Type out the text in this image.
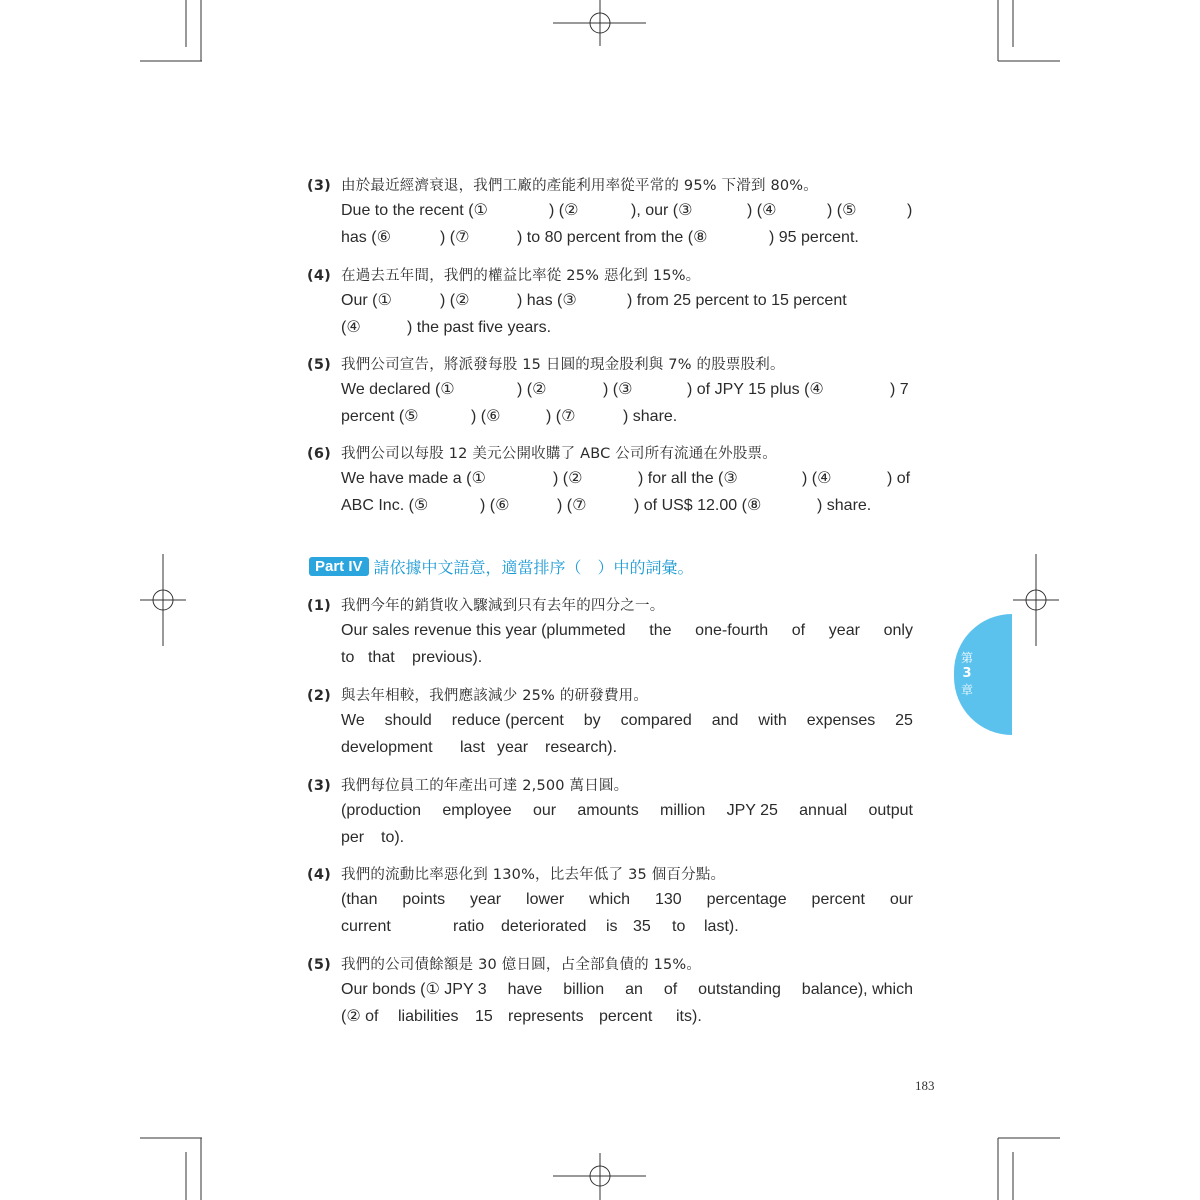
(3) 由於最近經濟衰退，我們工廠的產能利用率從平常的 95% 下滑到 80%。
Due to the recent (①	) (②	), our (③	) (④	) (⑤	)
has (⑥	) (⑦	) to 80 percent from the (⑧	) 95 percent.
(4) 在過去五年間，我們的權益比率從 25% 惡化到 15%。
Our (①	) (②	) has (③	) from 25 percent to 15 percent
(④	) the past five years.
(5) 我們公司宣告，將派發每股 15 日圓的現金股利與 7% 的股票股利。
We declared (①	) (②	) (③	) of JPY 15 plus (④	) 7
percent (⑤	) (⑥	) (⑦	) share.
(6) 我們公司以每股 12 美元公開收購了 ABC 公司所有流通在外股票。
We have made a (①	) (②	) for all the (③	) (④	) of
ABC Inc. (⑤	) (⑥	) (⑦	) of US$ 12.00 (⑧	) share.
Part IV 請依據中文語意，適當排序（　）中的詞彙。
(1) 我們今年的銷貨收入驟減到只有去年的四分之一。
Our sales revenue this year (plummeted the one-fourth of year only
to that previous).
(2) 與去年相較，我們應該減少 25% 的研發費用。
We should reduce (percent by compared and with expenses 25
development last year research).
(3) 我們每位員工的年產出可達 2,500 萬日圓。
(production employee our amounts million JPY 25 annual output
per to).
(4) 我們的流動比率惡化到 130%，比去年低了 35 個百分點。
(than points year lower which 130 percentage percent our
current	ratio deteriorated is 35 to last).
(5) 我們的公司債餘額是 30 億日圓，占全部負債的 15%。
Our bonds (① JPY 3 have billion an of outstanding balance), which
(② of liabilities 15 represents percent its).
第
3
章
183
